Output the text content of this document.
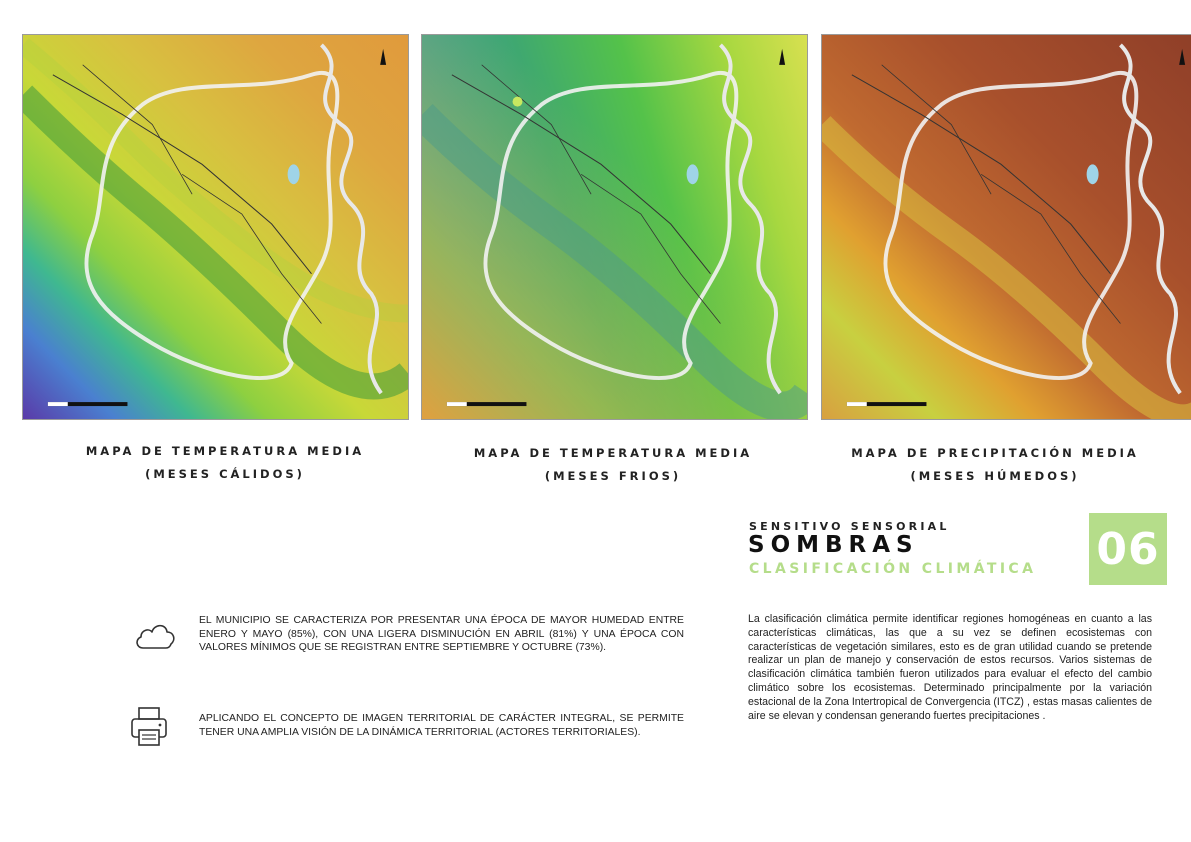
MAPA DE TEMPERATURA MEDIA
(MESES CÁLIDOS)
MAPA DE TEMPERATURA MEDIA
(MESES FRIOS)
MAPA DE PRECIPITACIÓN MEDIA
(MESES HÚMEDOS)
SENSITIVO SENSORIAL
SOMBRAS
CLASIFICACIÓN CLIMÁTICA 06
EL MUNICIPIO SE CARACTERIZA POR PRESENTAR UNA ÉPOCA DE MAYOR HUMEDAD ENTRE ENERO Y MAYO (85%), CON UNA LIGERA DISMINUCIÓN EN ABRIL (81%) Y UNA ÉPOCA CON VALORES MÍNIMOS QUE SE REGISTRAN ENTRE SEPTIEMBRE Y OCTUBRE (73%).
APLICANDO EL CONCEPTO DE IMAGEN TERRITORIAL DE CARÁCTER INTEGRAL, SE PERMITE TENER UNA AMPLIA VISIÓN DE LA DINÁMICA TERRITORIAL (ACTORES TERRITORIALES).
La clasificación climática permite identificar regiones homogéneas en cuanto a las características climáticas, las que a su vez se definen ecosistemas con características de vegetación similares, esto es de gran utilidad cuando se pretende realizar un plan de manejo y conservación de estos recursos. Varios sistemas de clasificación climática también fueron utilizados para evaluar el efecto del cambio climático sobre los ecosistemas. Determinado principalmente por la variación estacional de la Zona Intertropical de Convergencia (ITCZ) , estas masas calientes de aire se elevan y condensan generando fuertes precipitaciones .
